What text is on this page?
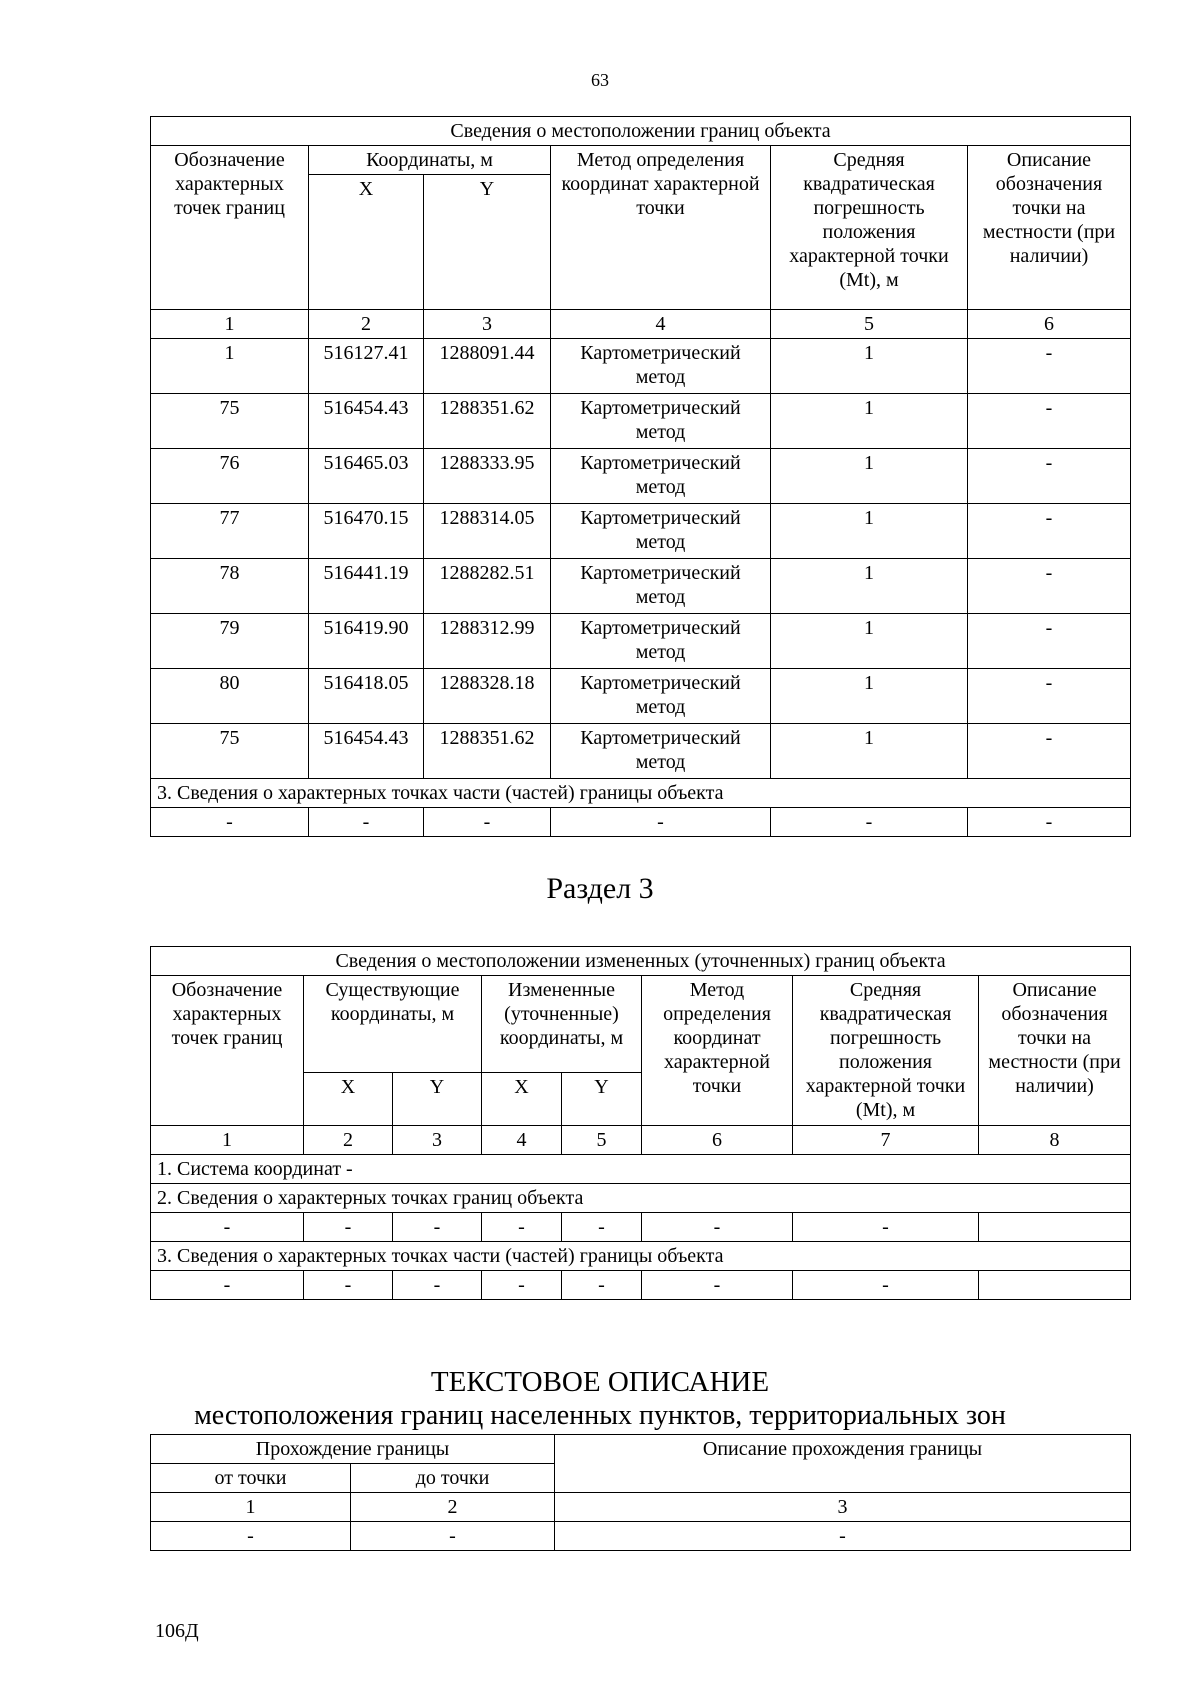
63
Сведения о местоположении границ объекта					
Обозначение характерных точек границ	Координаты, м		Метод определения координат характерной точки	Средняя квадратическая погрешность положения характерной точки (Mt), м	Описание обозначения точки на местности (при наличии)
	X	Y			
1	2	3	4	5	6
1	516127.41	1288091.44	Картометрический метод	1	-
75	516454.43	1288351.62	Картометрический метод	1	-
76	516465.03	1288333.95	Картометрический метод	1	-
77	516470.15	1288314.05	Картометрический метод	1	-
78	516441.19	1288282.51	Картометрический метод	1	-
79	516419.90	1288312.99	Картометрический метод	1	-
80	516418.05	1288328.18	Картометрический метод	1	-
75	516454.43	1288351.62	Картометрический метод	1	-
3. Сведения о характерных точках части (частей) границы объекта					
-	-	-	-	-	-
Раздел 3
Сведения о местоположении измененных (уточненных) границ объекта							
Обозначение характерных точек границ	Существующие координаты, м		Измененные (уточненные) координаты, м		Метод определения координат характерной точки	Средняя квадратическая погрешность положения характерной точки (Mt), м	Описание обозначения точки на местности (при наличии)
	X	Y	X	Y			
1	2	3	4	5	6	7	8
1. Система координат -							
2. Сведения о характерных точках границ объекта							
-	-	-	-	-	-	-	
3. Сведения о характерных точках части (частей) границы объекта							
-	-	-	-	-	-	-	
ТЕКСТОВОЕ ОПИСАНИЕ
местоположения границ населенных пунктов, территориальных зон
Прохождение границы		Описание прохождения границы
от точки	до точки	
1	2	3
-	-	-
106Д
